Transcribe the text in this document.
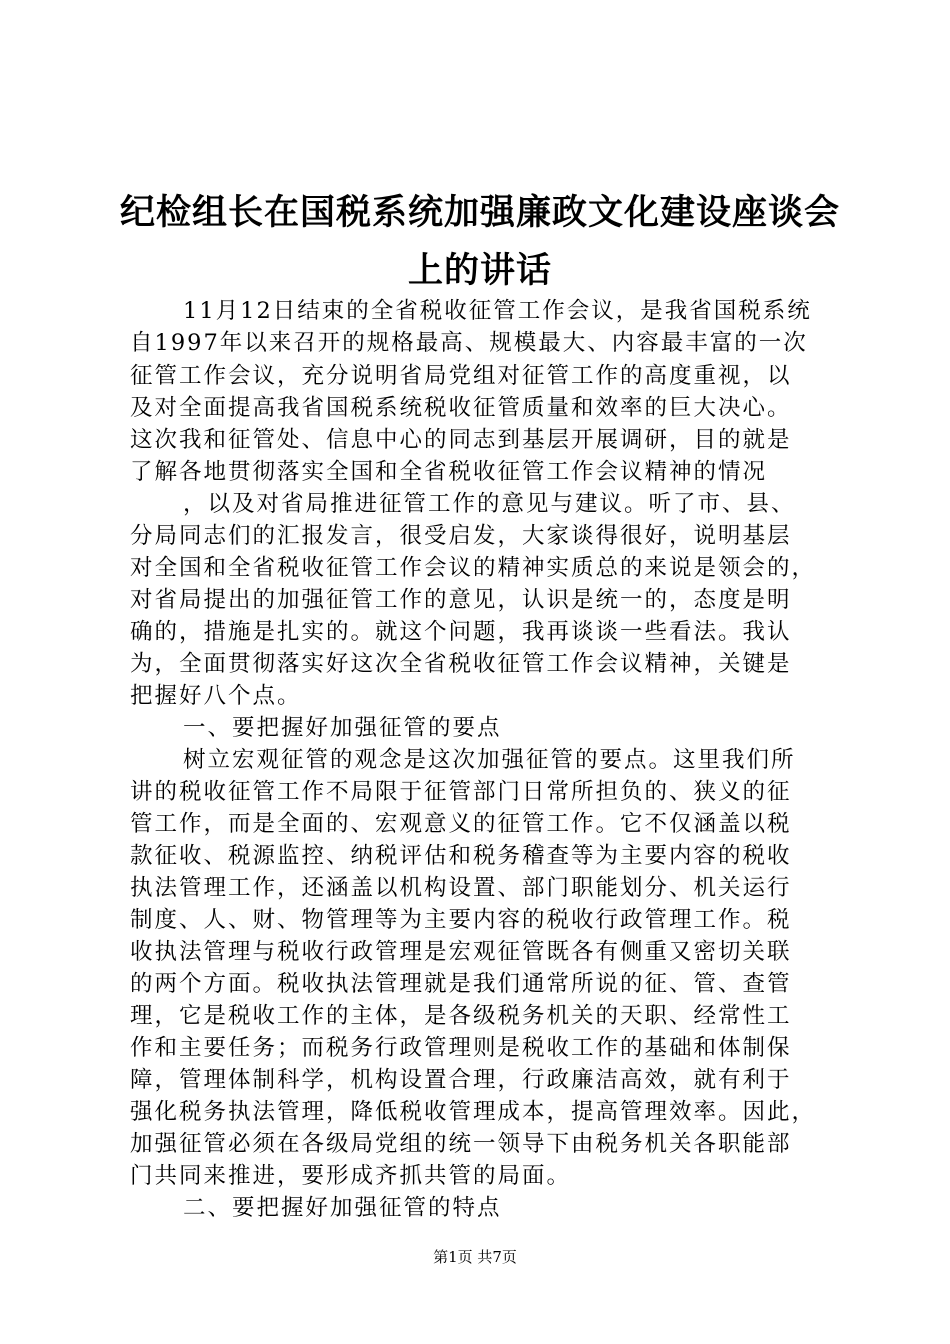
纪检组长在国税系统加强廉政文化建设座谈会
上的讲话
11月12日结束的全省税收征管工作会议，是我省国税系统
自1997年以来召开的规格最高、规模最大、内容最丰富的一次
征管工作会议，充分说明省局党组对征管工作的高度重视，以
及对全面提高我省国税系统税收征管质量和效率的巨大决心。
这次我和征管处、信息中心的同志到基层开展调研，目的就是
了解各地贯彻落实全国和全省税收征管工作会议精神的情况
，以及对省局推进征管工作的意见与建议。听了市、县、
分局同志们的汇报发言，很受启发，大家谈得很好，说明基层
对全国和全省税收征管工作会议的精神实质总的来说是领会的，
对省局提出的加强征管工作的意见，认识是统一的，态度是明
确的，措施是扎实的。就这个问题，我再谈谈一些看法。我认
为，全面贯彻落实好这次全省税收征管工作会议精神，关键是
把握好八个点。
一、要把握好加强征管的要点
树立宏观征管的观念是这次加强征管的要点。这里我们所
讲的税收征管工作不局限于征管部门日常所担负的、狭义的征
管工作，而是全面的、宏观意义的征管工作。它不仅涵盖以税
款征收、税源监控、纳税评估和税务稽查等为主要内容的税收
执法管理工作，还涵盖以机构设置、部门职能划分、机关运行
制度、人、财、物管理等为主要内容的税收行政管理工作。税
收执法管理与税收行政管理是宏观征管既各有侧重又密切关联
的两个方面。税收执法管理就是我们通常所说的征、管、查管
理，它是税收工作的主体，是各级税务机关的天职、经常性工
作和主要任务；而税务行政管理则是税收工作的基础和体制保
障，管理体制科学，机构设置合理，行政廉洁高效，就有利于
强化税务执法管理，降低税收管理成本，提高管理效率。因此，
加强征管必须在各级局党组的统一领导下由税务机关各职能部
门共同来推进，要形成齐抓共管的局面。
二、要把握好加强征管的特点
第1页 共7页
